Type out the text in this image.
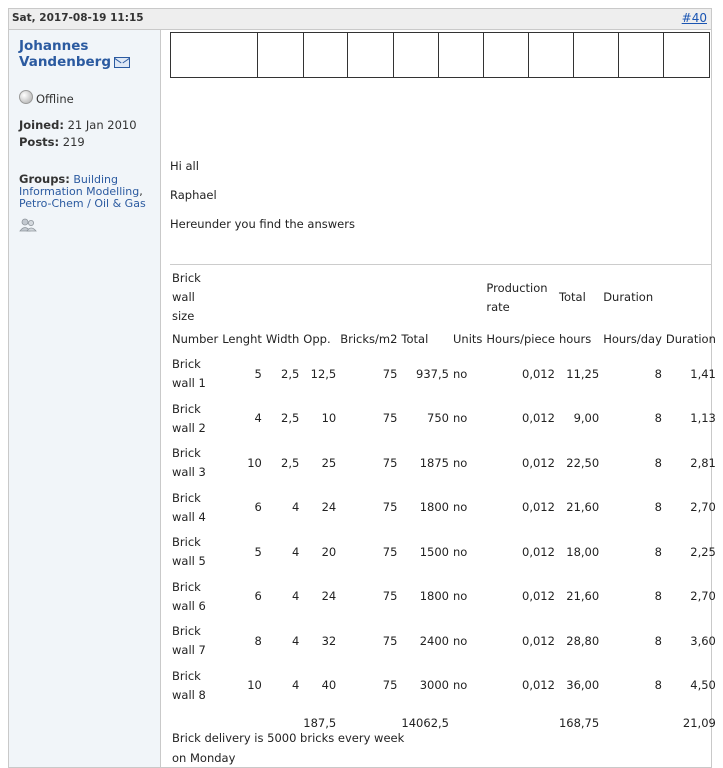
Sat, 2017-08-19 11:15	#40
Johannes
Vandenberg
Offline
Joined: 21 Jan 2010
Posts: 219
Groups: Building Information Modelling, Petro-Chem / Oil & Gas

Hi all
Raphael
Hereunder you find the answers
Brick wall size							Production rate	Total	Duration	
Number	Lenght	Width	Opp.	Bricks/m2	Total	Units	Hours/piece	hours	Hours/day	Duration
Brick wall 1	5	2,5	12,5	75	937,5	no	0,012	11,25	8	1,41
Brick wall 2	4	2,5	10	75	750	no	0,012	9,00	8	1,13
Brick wall 3	10	2,5	25	75	1875	no	0,012	22,50	8	2,81
Brick wall 4	6	4	24	75	1800	no	0,012	21,60	8	2,70
Brick wall 5	5	4	20	75	1500	no	0,012	18,00	8	2,25
Brick wall 6	6	4	24	75	1800	no	0,012	21,60	8	2,70
Brick wall 7	8	4	32	75	2400	no	0,012	28,80	8	3,60
Brick wall 8	10	4	40	75	3000	no	0,012	36,00	8	4,50
			187,5		14062,5			168,75		21,09
Brick delivery is 5000 bricks every week
on Monday
